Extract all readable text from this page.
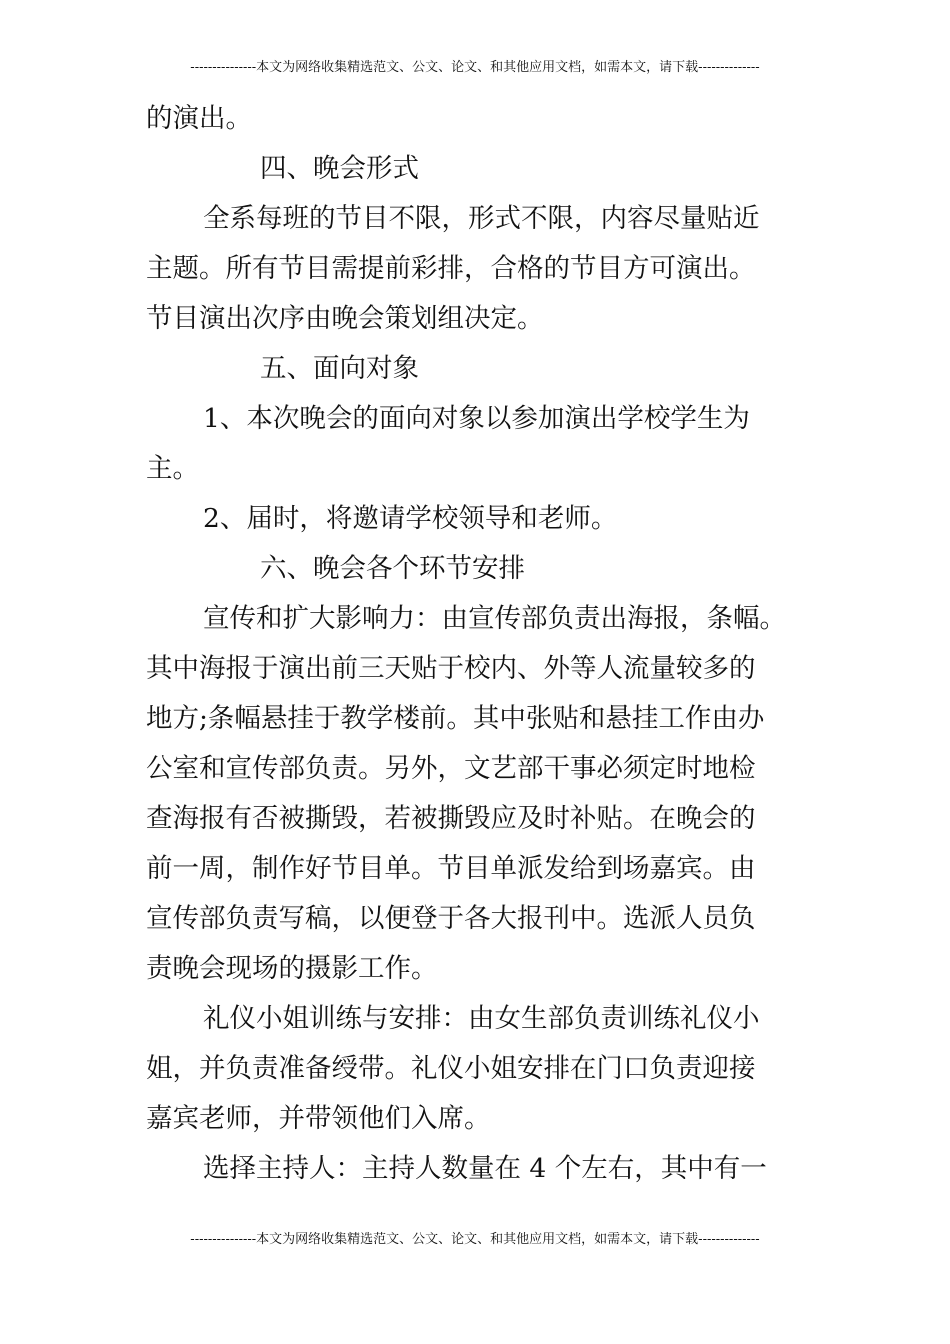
---------------本文为网络收集精选范文、公文、论文、和其他应用文档，如需本文，请下载--------------
的演出。
四、晚会形式
全系每班的节目不限，形式不限，内容尽量贴近
主题。所有节目需提前彩排，合格的节目方可演出。
节目演出次序由晚会策划组决定。
五、面向对象
1、本次晚会的面向对象以参加演出学校学生为
主。
2、届时，将邀请学校领导和老师。
六、晚会各个环节安排
宣传和扩大影响力：由宣传部负责出海报，条幅。
其中海报于演出前三天贴于校内、外等人流量较多的
地方;条幅悬挂于教学楼前。其中张贴和悬挂工作由办
公室和宣传部负责。另外，文艺部干事必须定时地检
查海报有否被撕毁，若被撕毁应及时补贴。在晚会的
前一周，制作好节目单。节目单派发给到场嘉宾。由
宣传部负责写稿，以便登于各大报刊中。选派人员负
责晚会现场的摄影工作。
礼仪小姐训练与安排：由女生部负责训练礼仪小
姐，并负责准备绶带。礼仪小姐安排在门口负责迎接
嘉宾老师，并带领他们入席。
选择主持人：主持人数量在 4 个左右，其中有一
---------------本文为网络收集精选范文、公文、论文、和其他应用文档，如需本文，请下载--------------
